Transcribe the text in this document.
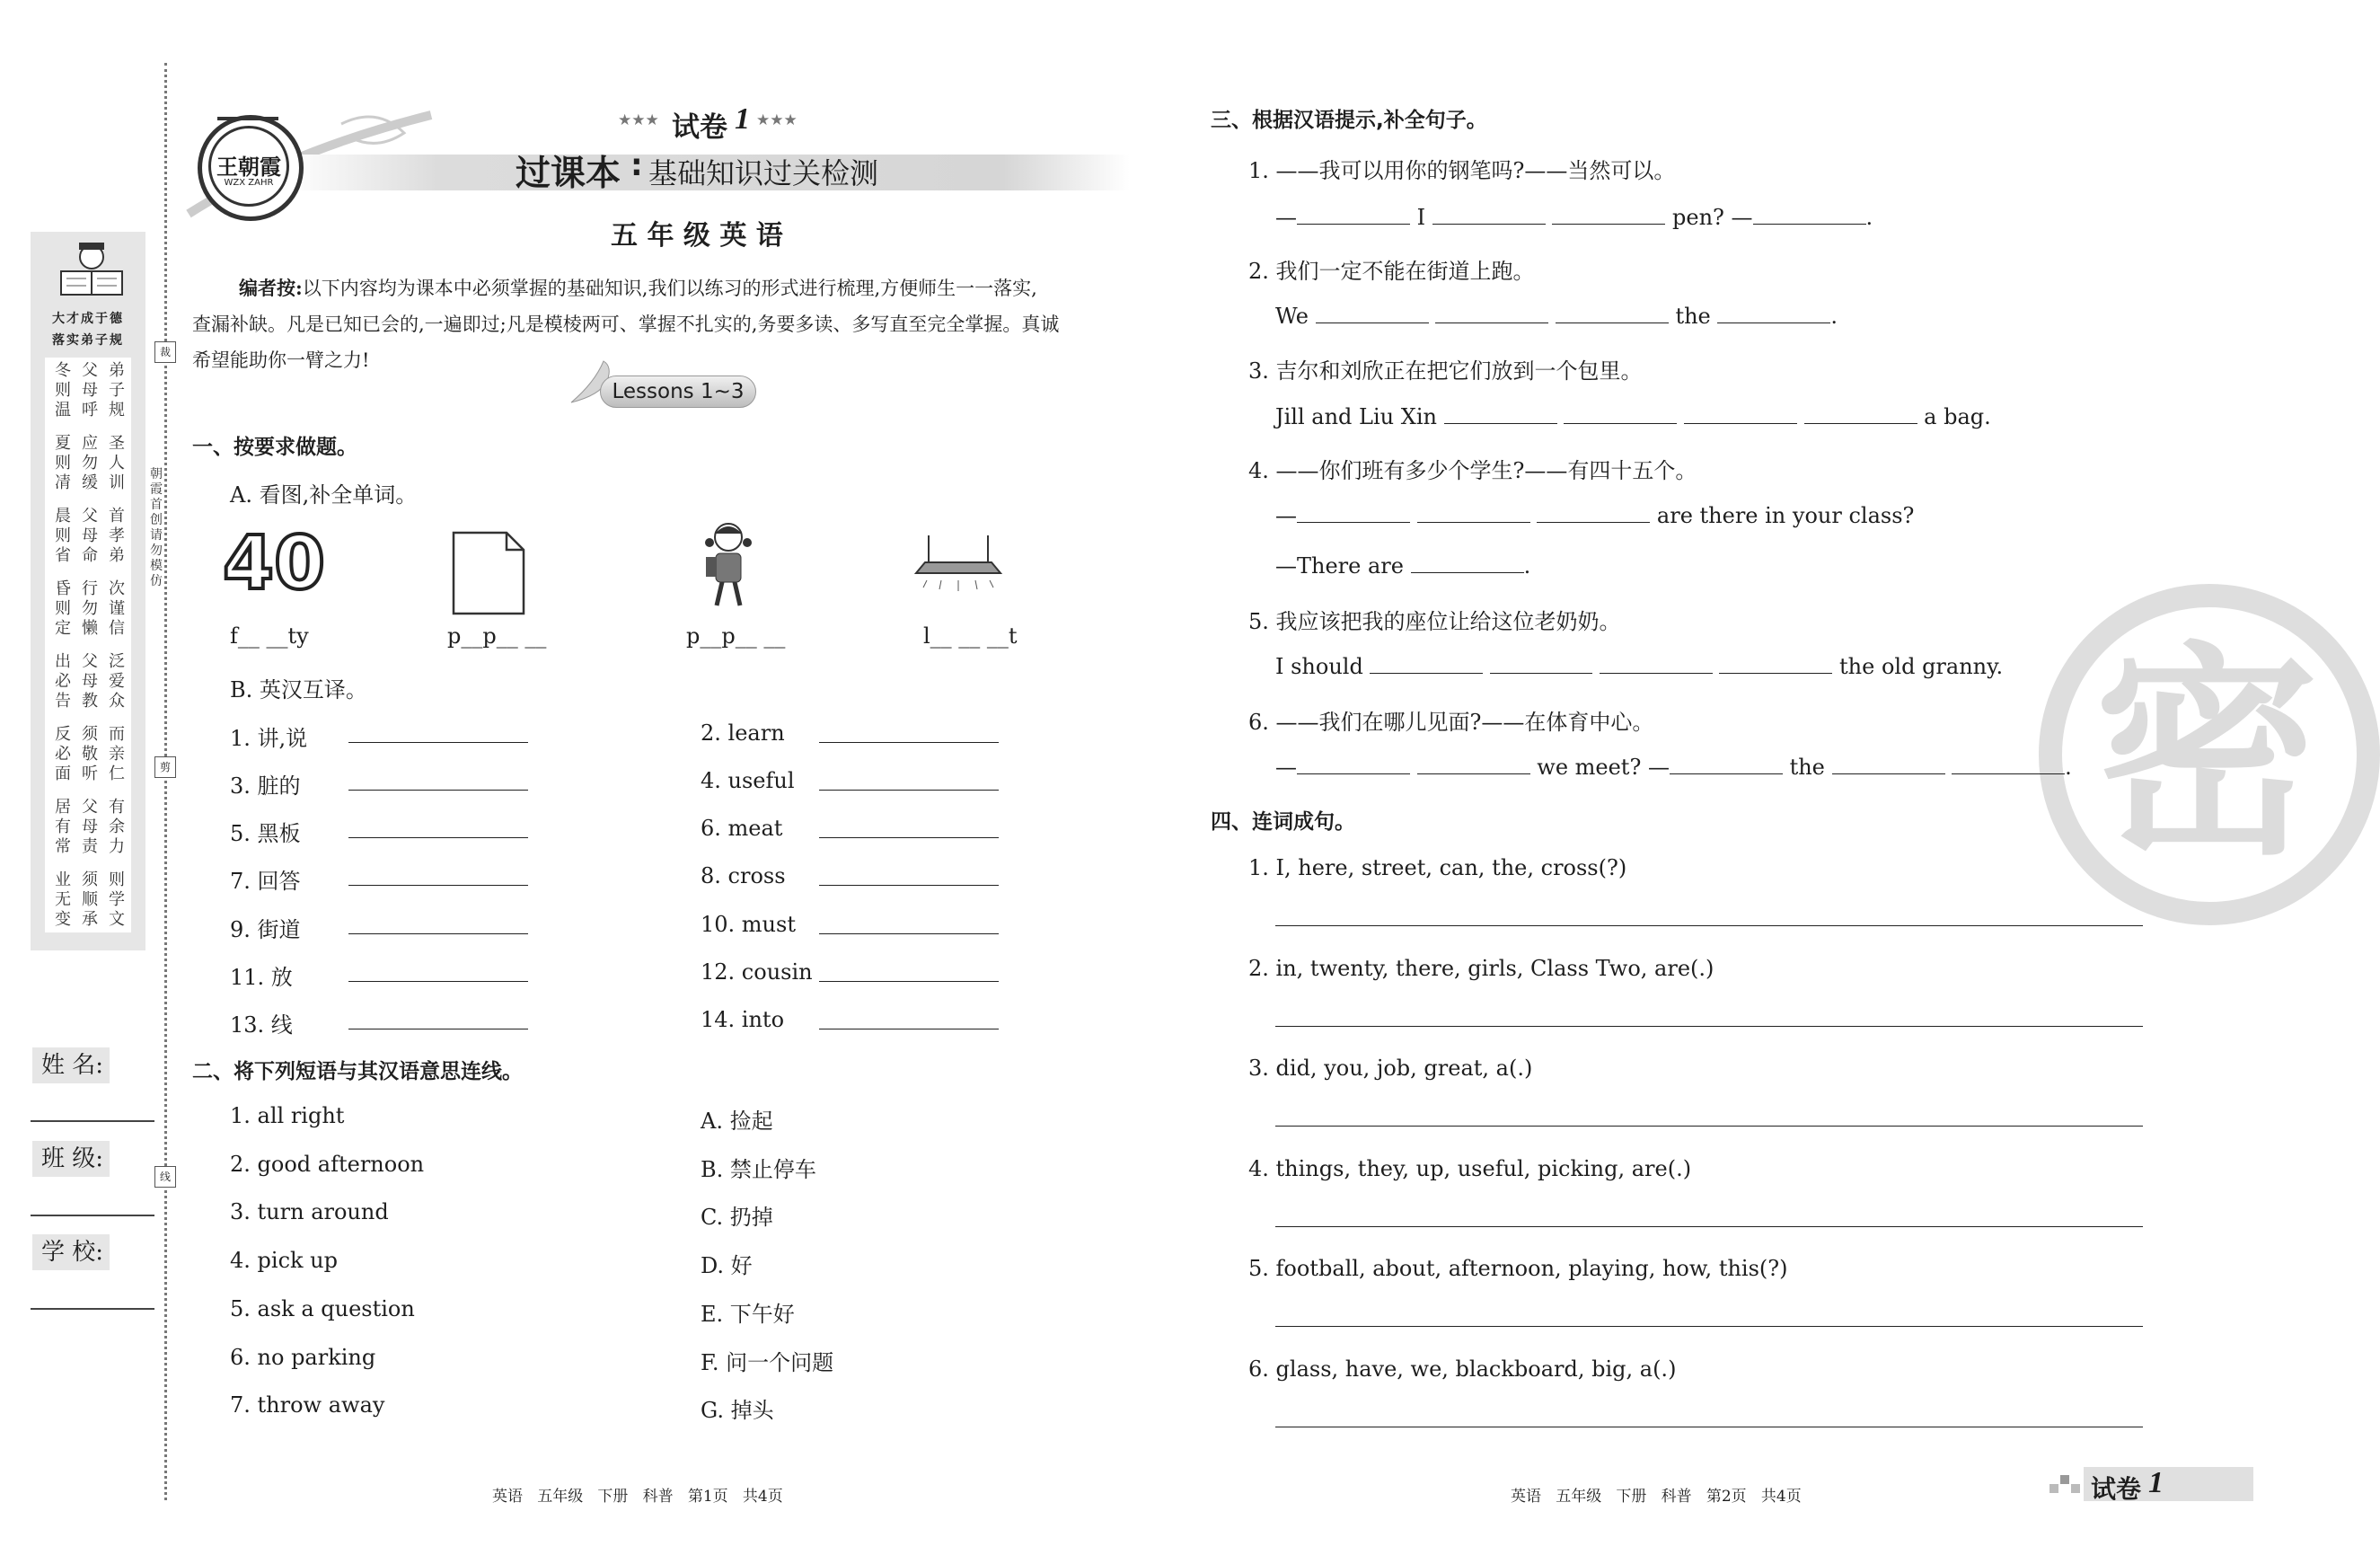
大才成于德
落实弟子规
冬则温父母呼弟子规
夏则凊应勿缓圣人训
晨则省父母命首孝弟
昏则定行勿懒次谨信
出必告父母教泛爱众
反必面须敬听而亲仁
居有常父母责有余力
业无变须顺承则学文
裁
剪
线
朝霞首创请勿模仿
姓 名:
班 级:
学 校:
王朝霞
WZX ZAHR
★★★ 试卷 1 ★★★
过课本 : 基础知识过关检测
五 年 级 英 语
编者按:以下内容均为课本中必须掌握的基础知识,我们以练习的形式进行梳理,方便师生一一落实,
查漏补缺。凡是已知已会的,一遍即过;凡是模棱两可、掌握不扎实的,务要多读、多写直至完全掌握。真诚
希望能助你一臂之力!
Lessons 1~3
一、按要求做题。
A. 看图,补全单词。
40
f__ __ty	p__p__ __	p__p__ __	l__ __ __t
B. 英汉互译。
1. 讲,说	2. learn
3. 脏的	4. useful
5. 黑板	6. meat
7. 回答	8. cross
9. 街道	10. must
11. 放	12. cousin
13. 线	14. into
二、将下列短语与其汉语意思连线。
1. all right	A. 捡起
2. good afternoon	B. 禁止停车
3. turn around	C. 扔掉
4. pick up	D. 好
5. ask a question	E. 下午好
6. no parking	F. 问一个问题
7. throw away	G. 掉头
密
三、根据汉语提示,补全句子。
1. ——我可以用你的钢笔吗?——当然可以。
—	I	pen? —	.
2. 我们一定不能在街道上跑。
We	the	.
3. 吉尔和刘欣正在把它们放到一个包里。
Jill and Liu Xin	a bag.
4. ——你们班有多少个学生?——有四十五个。
—	are there in your class?
—There are	.
5. 我应该把我的座位让给这位老奶奶。
I should	the old granny.
6. ——我们在哪儿见面?——在体育中心。
—	we meet? —	the	.
四、连词成句。
1. I, here, street, can, the, cross(?)
2. in, twenty, there, girls, Class Two, are(.)
3. did, you, job, great, a(.)
4. things, they, up, useful, picking, are(.)
5. football, about, afternoon, playing, how, this(?)
6. glass, have, we, blackboard, big, a(.)
英语   五年级   下册   科普   第1页   共4页	英语   五年级   下册   科普   第2页   共4页	试卷 1
